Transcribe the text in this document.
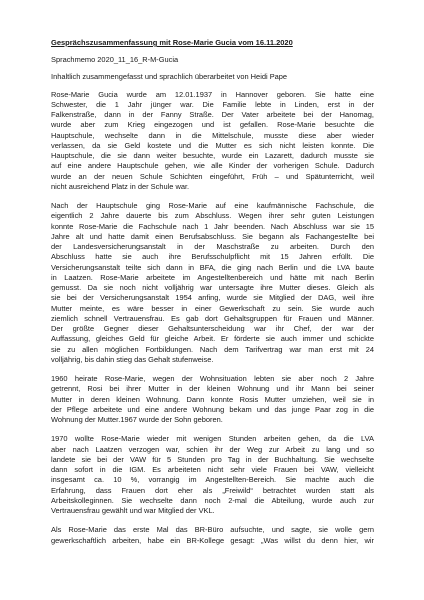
Gesprächszusammenfassung mit Rose-Marie Gucia vom 16.11.2020
Sprachmemo 2020_11_16_R-M-Gucia
Inhaltlich zusammengefasst und sprachlich überarbeitet von Heidi Pape
Rose-Marie Gucia wurde am 12.01.1937 in Hannover geboren. Sie hatte eine
Schwester, die 1 Jahr jünger war. Die Familie lebte in Linden, erst in der
Falkenstraße, dann in der Fanny Straße. Der Vater arbeitete bei der Hanomag,
wurde aber zum Krieg eingezogen und ist gefallen. Rose-Marie besuchte die
Hauptschule, wechselte dann in die Mittelschule, musste diese aber wieder
verlassen, da sie Geld kostete und die Mutter es sich nicht leisten konnte. Die
Hauptschule, die sie dann weiter besuchte, wurde ein Lazarett, dadurch musste sie
auf eine andere Hauptschule gehen, wie alle Kinder der vorherigen Schule. Dadurch
wurde an der neuen Schule Schichten eingeführt, Früh – und Spätunterricht, weil
nicht ausreichend Platz in der Schule war.
Nach der Hauptschule ging Rose-Marie auf eine kaufmännische Fachschule, die
eigentlich 2 Jahre dauerte bis zum Abschluss. Wegen ihrer sehr guten Leistungen
konnte Rose-Marie die Fachschule nach 1 Jahr beenden. Nach Abschluss war sie 15
Jahre alt und hatte damit einen Berufsabschluss. Sie begann als Fachangestellte bei
der Landesversicherungsanstalt in der Maschstraße zu arbeiten. Durch den
Abschluss hatte sie auch ihre Berufsschulpflicht mit 15 Jahren erfüllt. Die
Versicherungsanstalt teilte sich dann in BFA, die ging nach Berlin und die LVA baute
in Laatzen. Rose-Marie arbeitete im Angestelltenbereich und hätte mit nach Berlin
gemusst. Da sie noch nicht volljährig war untersagte ihre Mutter dieses. Gleich als
sie bei der Versicherungsanstalt 1954 anfing, wurde sie Mitglied der DAG, weil ihre
Mutter meinte, es wäre besser in einer Gewerkschaft zu sein. Sie wurde auch
ziemlich schnell Vertrauensfrau. Es gab dort Gehaltsgruppen für Frauen und Männer.
Der größte Gegner dieser Gehaltsunterscheidung war ihr Chef, der war der
Auffassung, gleiches Geld für gleiche Arbeit. Er förderte sie auch immer und schickte
sie zu allen möglichen Fortbildungen. Nach dem Tarifvertrag war man erst mit 24
volljährig, bis dahin stieg das Gehalt stufenweise.
1960 heirate Rose-Marie, wegen der Wohnsituation lebten sie aber noch 2 Jahre
getrennt, Rosi bei ihrer Mutter in der kleinen Wohnung und ihr Mann bei seiner
Mutter in deren kleinen Wohnung. Dann konnte Rosis Mutter umziehen, weil sie in
der Pflege arbeitete und eine andere Wohnung bekam und das junge Paar zog in die
Wohnung der Mutter.1967 wurde der Sohn geboren.
1970 wollte Rose-Marie wieder mit wenigen Stunden arbeiten gehen, da die LVA
aber nach Laatzen verzogen war, schien ihr der Weg zur Arbeit zu lang und so
landete sie bei der VAW für 5 Stunden pro Tag in der Buchhaltung. Sie wechselte
dann sofort in die IGM. Es arbeiteten nicht sehr viele Frauen bei VAW, vielleicht
insgesamt ca. 10 %, vorrangig im Angestellten-Bereich. Sie machte auch die
Erfahrung, dass Frauen dort eher als „Freiwild“ betrachtet wurden statt als
Arbeitskolleginnen. Sie wechselte dann noch 2-mal die Abteilung, wurde auch zur
Vertrauensfrau gewählt und war Mitglied der VKL.
Als Rose-Marie das erste Mal das BR-Büro aufsuchte, und sagte, sie wolle gern
gewerkschaftlich arbeiten, habe ein BR-Kollege gesagt: „Was willst du denn hier, wir
